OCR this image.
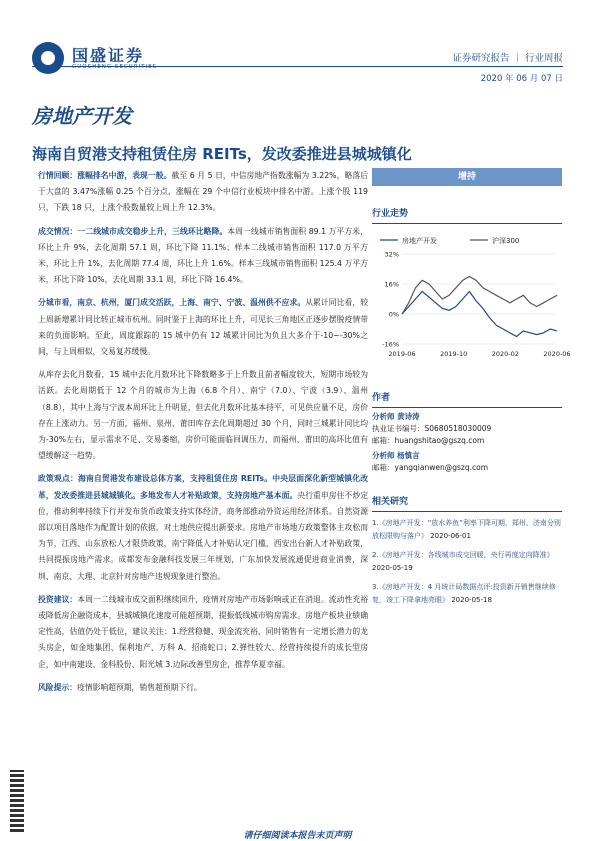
国盛证券
GUOSHENG SECURITIES
证券研究报告 ｜ 行业周报
2020 年 06 月 07 日
房地产开发
海南自贸港支持租赁住房 REITs，发改委推进县城城镇化

行情回顾：涨幅排名中游，表现一般。截至 6 月 5 日，中信房地产指数涨幅为 3.22%，略落后于大盘的 3.47%涨幅 0.25 个百分点，涨幅在 29 个中信行业板块中排名中游。上涨个股 119 只，下跌 18 只，上涨个股数量较上周上升 12.3%。

成交情况：一二线城市成交稳步上升，三线环比略降。本周一线城市销售面积 89.1 万平方米，环比上升 9%，去化周期 57.1 周，环比下降 11.1%；样本二线城市销售面积 117.0 万平方米，环比上升 1%，去化周期 77.4 周，环比上升 1.6%。样本三线城市销售面积 125.4 万平方米，环比下降 10%，去化周期 33.1 周，环比下降 16.4%。

分城市看，南京、杭州，厦门成交活跃，上海、南宁、宁波、温州供不应求。从累计同比看，较上周新增累计同比转正城市杭州。同时鉴于上海的环比上升，可见长三角地区正逐步摆脱疫情带来的负面影响。至此，周度跟踪的 15 城中仍有 12 城累计同比为负且大多介于-10~-30%之间，与上周相似，交易复苏缓慢。

从库存去化月数看，15 城中去化月数环比下降数略多于上升数且前者幅度较大，短期市场较为活跃。去化周期低于 12 个月的城市为上海（6.8 个月）、南宁（7.0）、宁波（3.9）、温州（8.8），其中上海与宁波本周环比上升明显，但去化月数环比基本持平，可见供应量不足，房价存在上涨动力。另一方面，福州、泉州、莆田库存去化周期超过 30 个月，同时三城累计同比均为-30%左右，显示需求不足、交易萎缩，房价可能面临回调压力，而福州、莆田的高环比值有望缓解这一趋势。

政策观点：海南自贸港发布建设总体方案，支持租赁住房 REITs。中央层面深化新型城镇化改革，发改委推进县城城镇化。多地发布人才补贴政策，支持房地产基本面。央行重申房住不炒定位，推动利率持续下行并发布货币政策支持实体经济，商务部推动外资运用经济体系。自然资源部以项目落地作为配置计划的依据，对土地供应提出新要求。房地产市场地方政策整体主攻松而为节，江西、山东放松人才限贷政策，南宁降低人才补贴认定门槛，西安出台新人才补贴政策，共同提振房地产需求。成都发布金融科技发展三年规划，广东加快发展流通促进商业消费，深圳、南京、大理、北京针对房地产违规现象进行整治。

投资建议：本周一二线城市成交面积继续回升，疫情对房地产市场影响或正在消退。流动性充裕或降低房企融资成本，县城城镇化速度可能超预期，提振低线城市购房需求。房地产板块业绩确定性高，估值仍处于低位，建议关注：1.经营稳健、现金流充裕、同时销售有一定增长潜力的龙头房企，如金地集团、保利地产、万科 A、招商蛇口；2.弹性较大、经营持续提升的成长型房企，如中南建设、金科股份、阳光城 3.边际改善型房企，推荐华夏幸福。

风险提示：疫情影响超预期，销售超预期下行。

增持
行业走势
房地产开发	沪深300
32%
16%
0%
-16%
2019-06	2019-10	2020-02	2020-06
作者
分析师 黄诗涛
执业证书编号：S0680518030009
邮箱：huangshitao@gszq.com
分析师 杨慎言
邮箱：yangqianwen@gszq.com
相关研究
1.《房地产开发：“放水养鱼”利率下降可期，郑州、济南分别放松限购与落户》 2020-06-01
2.《房地产开发：各线城市成交回暖，央行再度定向降准》 2020-05-19
3.《房地产开发：4 月统计局数据点评:投资新开销售继续修复，竣工下降拿地亮眼》 2020-05-18
请仔细阅读本报告末页声明
